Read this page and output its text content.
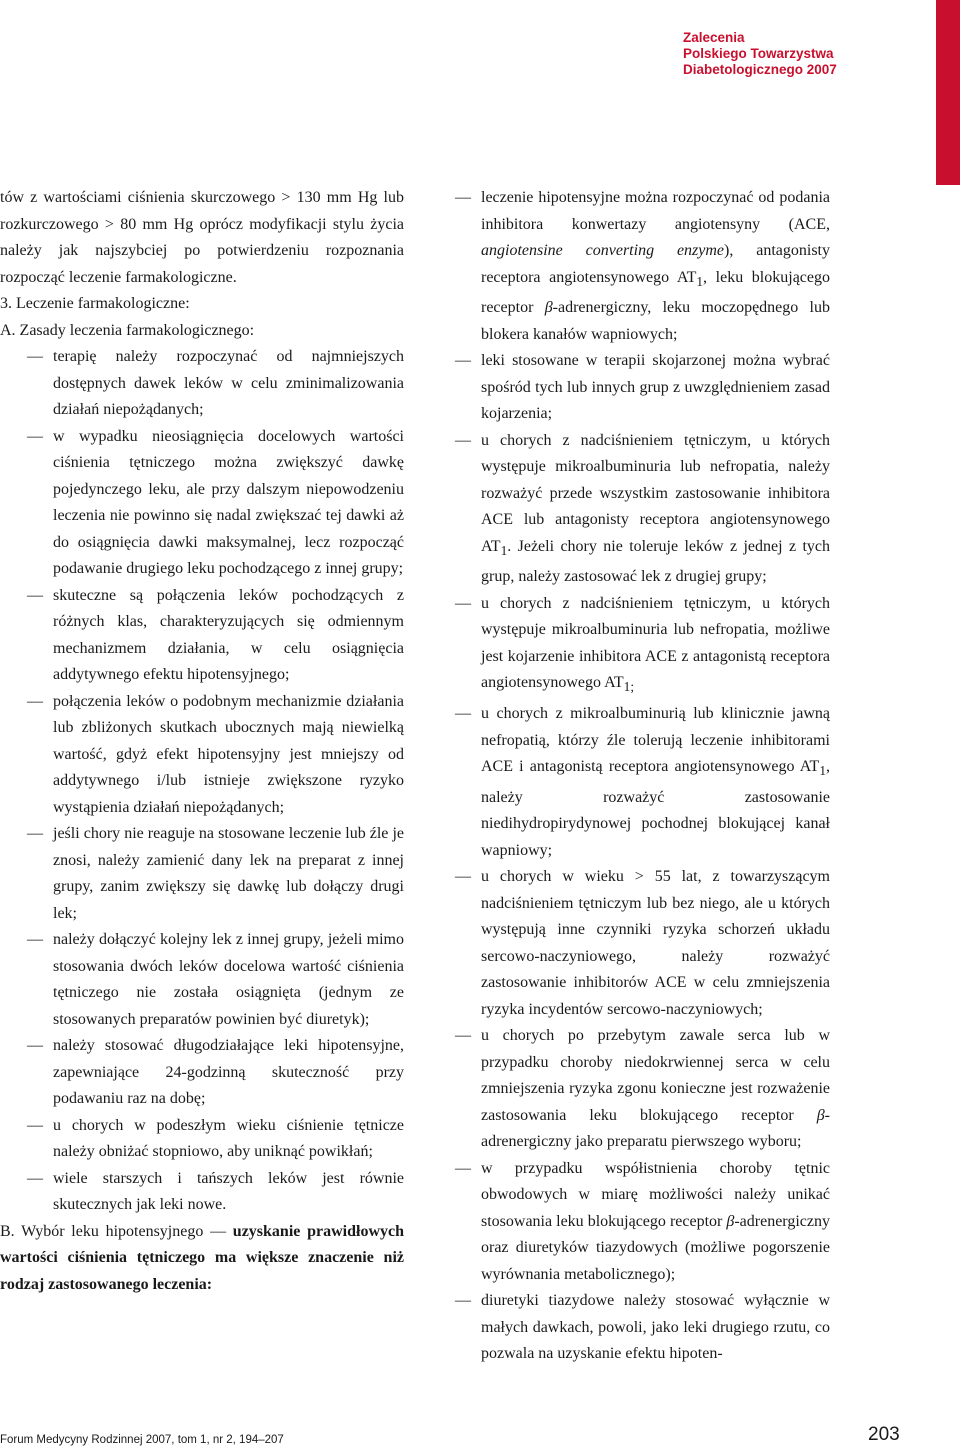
Zalecenia
Polskiego Towarzystwa
Diabetologicznego 2007

tów z wartościami ciśnienia skurczowego > 130 mm Hg lub rozkurczowego > 80 mm Hg oprócz modyfikacji stylu życia należy jak najszybciej po potwierdzeniu rozpoznania rozpocząć leczenie farmakologiczne.

3. Leczenie farmakologiczne:

A. Zasady leczenia farmakologicznego:

— terapię należy rozpoczynać od najmniejszych dostępnych dawek leków w celu zminimalizowania działań niepożądanych;

— w wypadku nieosiągnięcia docelowych wartości ciśnienia tętniczego można zwiększyć dawkę pojedynczego leku, ale przy dalszym niepowodzeniu leczenia nie powinno się nadal zwiększać tej dawki aż do osiągnięcia dawki maksymalnej, lecz rozpocząć podawanie drugiego leku pochodzącego z innej grupy;

— skuteczne są połączenia leków pochodzących z różnych klas, charakteryzujących się odmiennym mechanizmem działania, w celu osiągnięcia addytywnego efektu hipotensyjnego;

— połączenia leków o podobnym mechanizmie działania lub zbliżonych skutkach ubocznych mają niewielką wartość, gdyż efekt hipotensyjny jest mniejszy od addytywnego i/lub istnieje zwiększone ryzyko wystąpienia działań niepożądanych;

— jeśli chory nie reaguje na stosowane leczenie lub źle je znosi, należy zamienić dany lek na preparat z innej grupy, zanim zwiększy się dawkę lub dołączy drugi lek;

— należy dołączyć kolejny lek z innej grupy, jeżeli mimo stosowania dwóch leków docelowa wartość ciśnienia tętniczego nie została osiągnięta (jednym ze stosowanych preparatów powinien być diuretyk);

— należy stosować długodziałające leki hipotensyjne, zapewniające 24-godzinną skuteczność przy podawaniu raz na dobę;

— u chorych w podeszłym wieku ciśnienie tętnicze należy obniżać stopniowo, aby uniknąć powikłań;

— wiele starszych i tańszych leków jest równie skutecznych jak leki nowe.

B. Wybór leku hipotensyjnego — uzyskanie prawidłowych wartości ciśnienia tętniczego ma większe znaczenie niż rodzaj zastosowanego leczenia:

— leczenie hipotensyjne można rozpoczynać od podania inhibitora konwertazy angiotensyny (ACE, angiotensine converting enzyme), antagonisty receptora angiotensynowego $AT_1$, leku blokującego receptor β-adrenergiczny, leku moczopędnego lub blokera kanałów wapniowych;

— leki stosowane w terapii skojarzonej można wybrać spośród tych lub innych grup z uwzględnieniem zasad kojarzenia;

— u chorych z nadciśnieniem tętniczym, u których występuje mikroalbuminuria lub nefropatia, należy rozważyć przede wszystkim zastosowanie inhibitora ACE lub antagonisty receptora angiotensynowego $AT_1$. Jeżeli chory nie toleruje leków z jednej z tych grup, należy zastosować lek z drugiej grupy;

— u chorych z nadciśnieniem tętniczym, u których występuje mikroalbuminuria lub nefropatia, możliwe jest kojarzenie inhibitora ACE z antagonistą receptora angiotensynowego $AT_{1;}$

— u chorych z mikroalbuminurią lub klinicznie jawną nefropatią, którzy źle tolerują leczenie inhibitorami ACE i antagonistą receptora angiotensynowego $AT_1$, należy rozważyć zastosowanie niedihydropirydynowej pochodnej blokującej kanał wapniowy;

— u chorych w wieku > 55 lat, z towarzyszącym nadciśnieniem tętniczym lub bez niego, ale u których występują inne czynniki ryzyka schorzeń układu sercowo-naczyniowego, należy rozważyć zastosowanie inhibitorów ACE w celu zmniejszenia ryzyka incydentów sercowo-naczyniowych;

— u chorych po przebytym zawale serca lub w przypadku choroby niedokrwiennej serca w celu zmniejszenia ryzyka zgonu konieczne jest rozważenie zastosowania leku blokującego receptor β-adrenergiczny jako preparatu pierwszego wyboru;

— w przypadku współistnienia choroby tętnic obwodowych w miarę możliwości należy unikać stosowania leku blokującego receptor β-adrenergiczny oraz diuretyków tiazydowych (możliwe pogorszenie wyrównania metabolicznego);

— diuretyki tiazydowe należy stosować wyłącznie w małych dawkach, powoli, jako leki drugiego rzutu, co pozwala na uzyskanie efektu hipoten-

Forum Medycyny Rodzinnej 2007, tom 1, nr 2, 194–207	203
